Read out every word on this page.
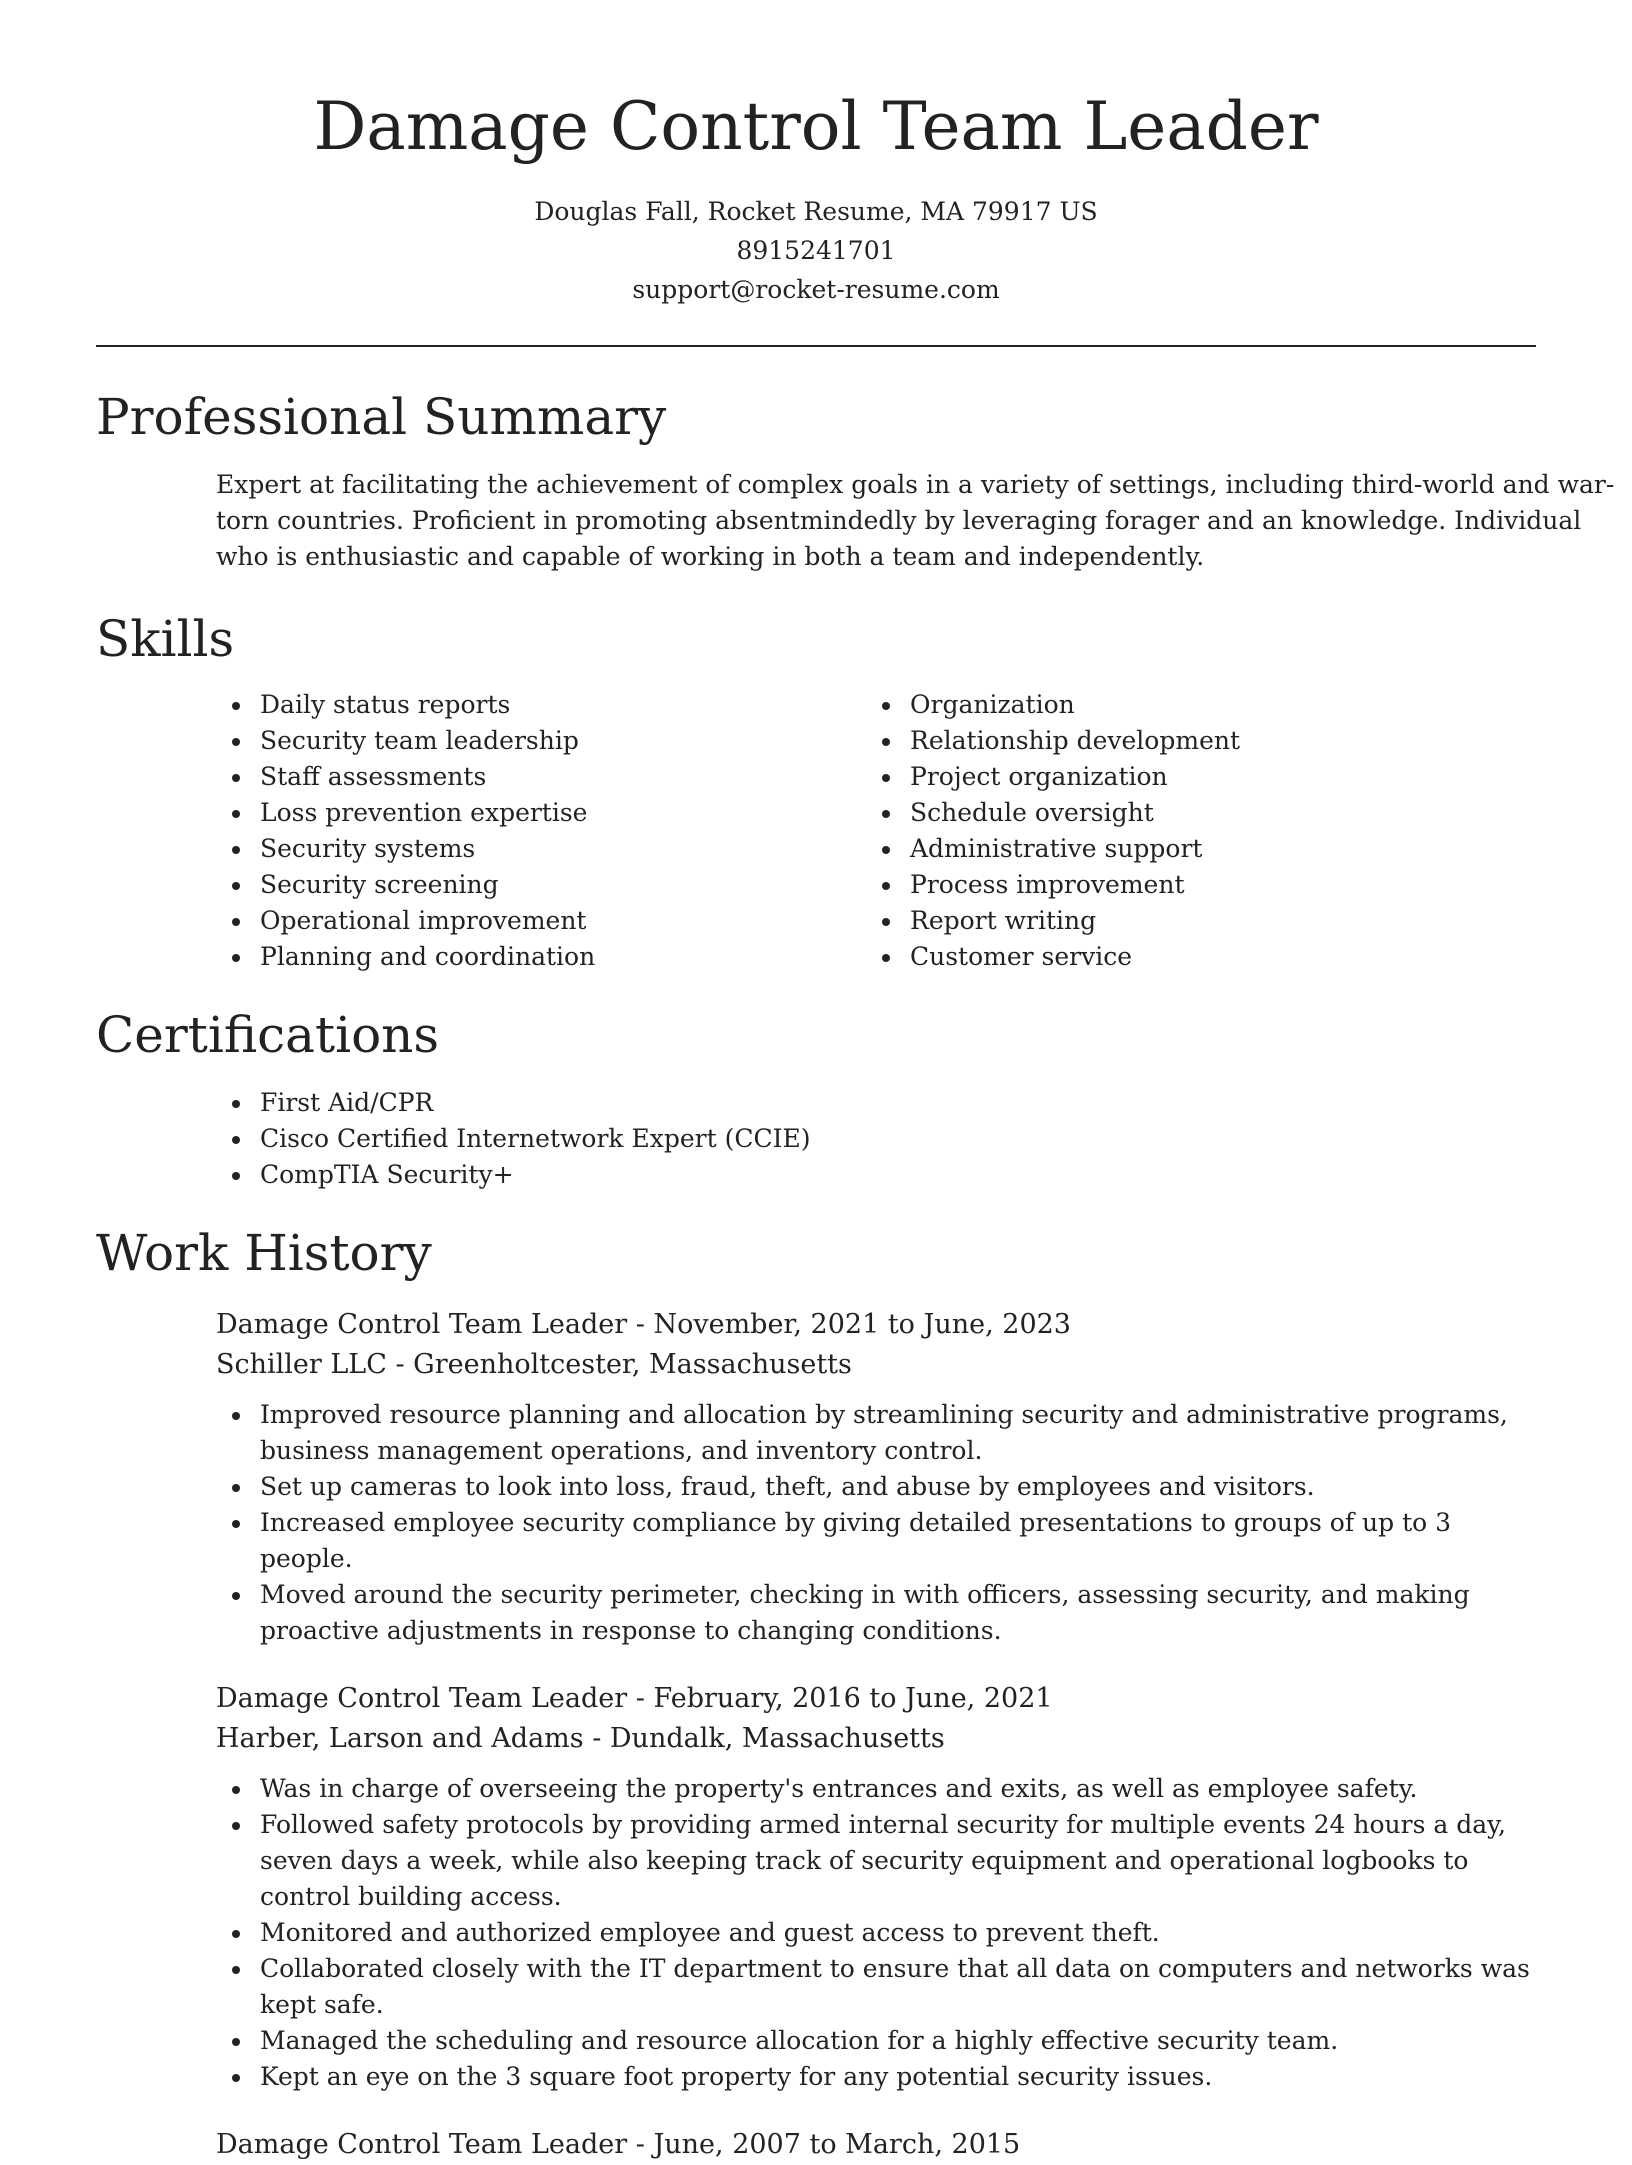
Damage Control Team Leader
Douglas Fall, Rocket Resume, MA 79917 US
8915241701
support@rocket-resume.com
Professional Summary
Expert at facilitating the achievement of complex goals in a variety of settings, including third-world and war-torn countries. Proficient in promoting absentmindedly by leveraging forager and an knowledge. Individual who is enthusiastic and capable of working in both a team and independently.
Skills
Daily status reports
Security team leadership
Staff assessments
Loss prevention expertise
Security systems
Security screening
Operational improvement
Planning and coordination
Organization
Relationship development
Project organization
Schedule oversight
Administrative support
Process improvement
Report writing
Customer service
Certifications
First Aid/CPR
Cisco Certified Internetwork Expert (CCIE)
CompTIA Security+
Work History
Damage Control Team Leader - November, 2021 to June, 2023
Schiller LLC - Greenholtcester, Massachusetts
Improved resource planning and allocation by streamlining security and administrative programs, business management operations, and inventory control.
Set up cameras to look into loss, fraud, theft, and abuse by employees and visitors.
Increased employee security compliance by giving detailed presentations to groups of up to 3 people.
Moved around the security perimeter, checking in with officers, assessing security, and making proactive adjustments in response to changing conditions.
Damage Control Team Leader - February, 2016 to June, 2021
Harber, Larson and Adams - Dundalk, Massachusetts
Was in charge of overseeing the property's entrances and exits, as well as employee safety.
Followed safety protocols by providing armed internal security for multiple events 24 hours a day, seven days a week, while also keeping track of security equipment and operational logbooks to control building access.
Monitored and authorized employee and guest access to prevent theft.
Collaborated closely with the IT department to ensure that all data on computers and networks was kept safe.
Managed the scheduling and resource allocation for a highly effective security team.
Kept an eye on the 3 square foot property for any potential security issues.
Damage Control Team Leader - June, 2007 to March, 2015
